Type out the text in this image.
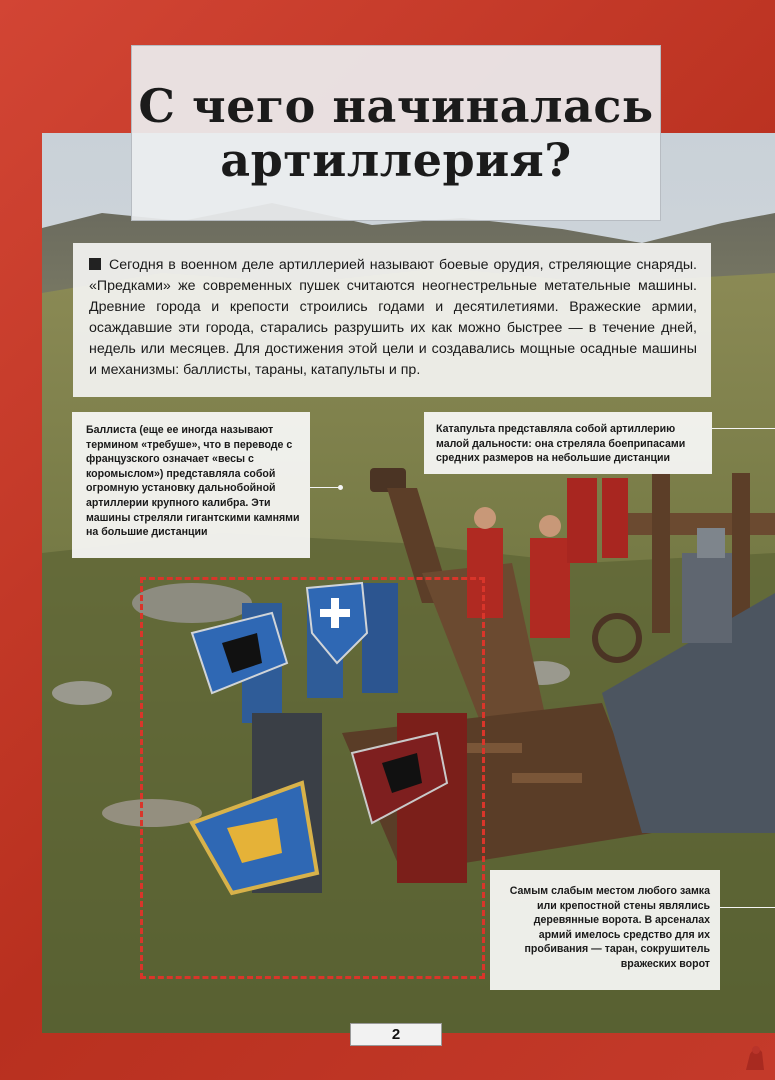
С чего начиналась
артиллерия?
Сегодня в военном деле артиллерией называют боевые орудия, стреляющие снаряды. «Предками» же современных пушек считаются неогнестрельные метательные машины. Древние города и крепости строились годами и десятилетиями. Вражеские армии, осаждавшие эти города, старались разрушить их как можно быстрее — в течение дней, недель или месяцев. Для достижения этой цели и создавались мощные осадные машины и механизмы: баллисты, тараны, катапульты и пр.
Баллиста (еще ее иногда называют термином «требуше», что в переводе с французского означает «весы с коромыслом») представляла собой огромную установку дальнобойной артиллерии крупного калибра. Эти машины стреляли гигантскими камнями на большие дистанции
Катапульта представляла собой артиллерию малой дальности: она стреляла боеприпасами средних размеров на небольшие дистанции
Самым слабым местом любого замка или крепостной стены являлись деревянные ворота. В арсеналах армий имелось средство для их пробивания — таран, сокрушитель вражеских ворот
2
